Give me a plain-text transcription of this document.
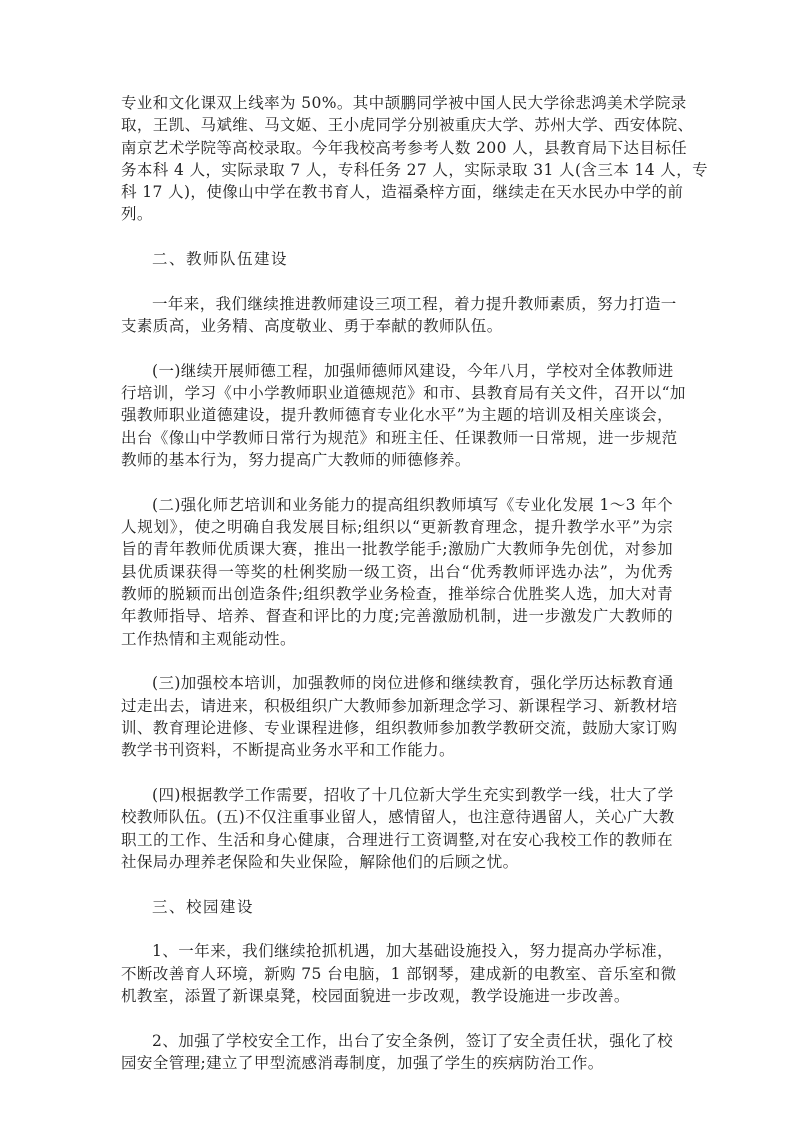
专业和文化课双上线率为 50%。其中颉鹏同学被中国人民大学徐悲鸿美术学院录
取，王凯、马斌维、马文姬、王小虎同学分别被重庆大学、苏州大学、西安体院、
南京艺术学院等高校录取。今年我校高考参考人数 200 人，县教育局下达目标任
务本科 4 人，实际录取 7 人，专科任务 27 人，实际录取 31 人(含三本 14 人，专
科 17 人)，使像山中学在教书育人，造福桑梓方面，继续走在天水民办中学的前
列。
二、教师队伍建设
一年来，我们继续推进教师建设三项工程，着力提升教师素质，努力打造一
支素质高，业务精、高度敬业、勇于奉献的教师队伍。
(一)继续开展师德工程，加强师德师风建设，今年八月，学校对全体教师进
行培训，学习《中小学教师职业道德规范》和市、县教育局有关文件，召开以“加
强教师职业道德建设，提升教师德育专业化水平”为主题的培训及相关座谈会，
出台《像山中学教师日常行为规范》和班主任、任课教师一日常规，进一步规范
教师的基本行为，努力提高广大教师的师德修养。
(二)强化师艺培训和业务能力的提高组织教师填写《专业化发展 1～3 年个
人规划》，使之明确自我发展目标;组织以“更新教育理念，提升教学水平”为宗
旨的青年教师优质课大赛，推出一批教学能手;激励广大教师争先创优，对参加
县优质课获得一等奖的杜俐奖励一级工资，出台“优秀教师评选办法”，为优秀
教师的脱颖而出创造条件;组织教学业务检查，推举综合优胜奖人选，加大对青
年教师指导、培养、督查和评比的力度;完善激励机制，进一步激发广大教师的
工作热情和主观能动性。
(三)加强校本培训，加强教师的岗位进修和继续教育，强化学历达标教育通
过走出去，请进来，积极组织广大教师参加新理念学习、新课程学习、新教材培
训、教育理论进修、专业课程进修，组织教师参加教学教研交流，鼓励大家订购
教学书刊资料，不断提高业务水平和工作能力。
(四)根据教学工作需要，招收了十几位新大学生充实到教学一线，壮大了学
校教师队伍。(五)不仅注重事业留人，感情留人，也注意待遇留人，关心广大教
职工的工作、生活和身心健康，合理进行工资调整,对在安心我校工作的教师在
社保局办理养老保险和失业保险，解除他们的后顾之忧。
三、校园建设
1、一年来，我们继续抢抓机遇，加大基础设施投入，努力提高办学标准，
不断改善育人环境，新购 75 台电脑，1 部钢琴，建成新的电教室、音乐室和微
机教室，添置了新课桌凳，校园面貌进一步改观，教学设施进一步改善。
2、加强了学校安全工作，出台了安全条例，签订了安全责任状，强化了校
园安全管理;建立了甲型流感消毒制度，加强了学生的疾病防治工作。
